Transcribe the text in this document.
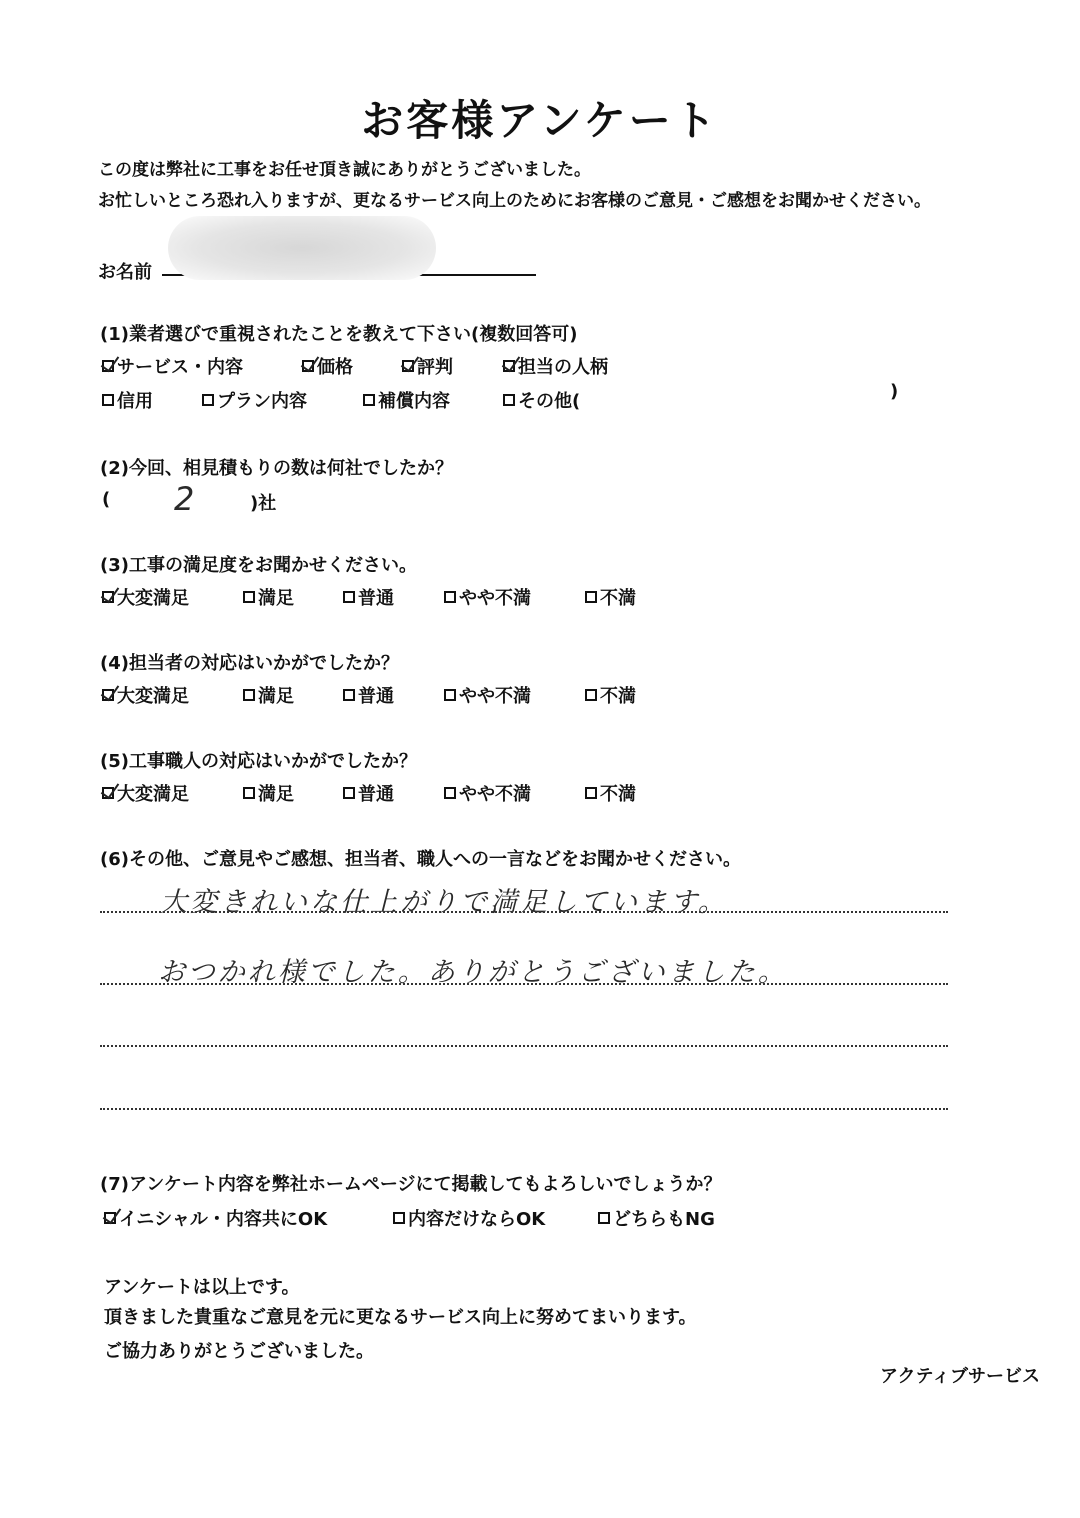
お客様アンケート
この度は弊社に工事をお任せ頂き誠にありがとうございました。
お忙しいところ恐れ入りますが、更なるサービス向上のためにお客様のご意見・ご感想をお聞かせください。
お名前
(1)業者選びで重視されたことを教えて下さい(複数回答可)
サービス・内容	価格	評判	担当の人柄
信用	プラン内容	補償内容	その他(	)
(2)今回、相見積もりの数は何社でしたか？
( 2	)社
(3)工事の満足度をお聞かせください。
大変満足	満足	普通	やや不満	不満
(4)担当者の対応はいかがでしたか？
大変満足	満足	普通	やや不満	不満
(5)工事職人の対応はいかがでしたか？
大変満足	満足	普通	やや不満	不満
(6)その他、ご意見やご感想、担当者、職人への一言などをお聞かせください。
大変きれいな仕上がりで満足しています。
おつかれ様でした。ありがとうございました。
(7)アンケート内容を弊社ホームページにて掲載してもよろしいでしょうか？
イニシャル・内容共にOK	内容だけならOK	どちらもNG
アンケートは以上です。
頂きました貴重なご意見を元に更なるサービス向上に努めてまいります。
ご協力ありがとうございました。
アクティブサービス
